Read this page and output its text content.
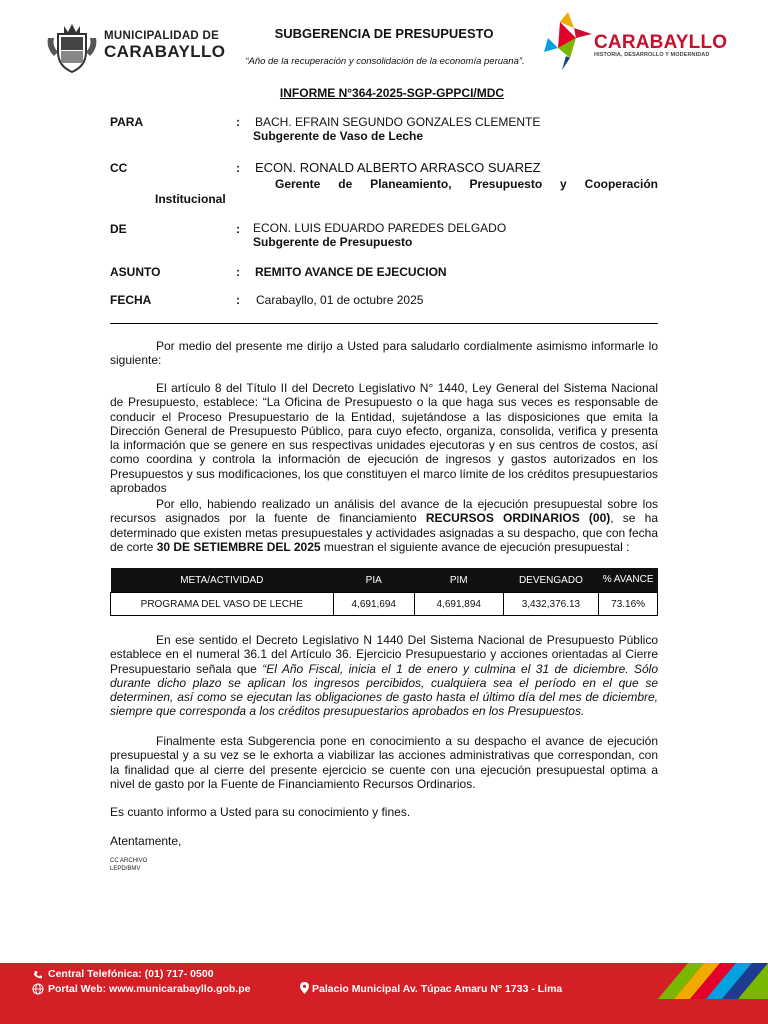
MUNICIPALIDAD DE
CARABAYLLO
SUBGERENCIA DE PRESUPUESTO
“Año de la recuperación y consolidación de la economía peruana”.
CARABAYLLO
HISTORIA, DESARROLLO Y MODERNIDAD
INFORME N°364-2025-SGP-GPPCI/MDC
PARA	: BACH. EFRAIN SEGUNDO GONZALES CLEMENTE
Subgerente de Vaso de Leche
CC	: ECON. RONALD ALBERTO ARRASCO SUAREZ
Gerente de Planeamiento, Presupuesto y Cooperación
Institucional
DE	: ECON. LUIS EDUARDO PAREDES DELGADO
Subgerente de Presupuesto
ASUNTO	: REMITO AVANCE DE EJECUCION
FECHA	: Carabayllo, 01 de octubre 2025
Por medio del presente me dirijo a Usted para saludarlo cordialmente asimismo informarle lo siguiente:
El artículo 8 del Título II del Decreto Legislativo N° 1440, Ley General del Sistema Nacional de Presupuesto, establece: “La Oficina de Presupuesto o la que haga sus veces es responsable de conducir el Proceso Presupuestario de la Entidad, sujetándose a las disposiciones que emita la Dirección General de Presupuesto Público, para cuyo efecto, organiza, consolida, verifica y presenta la información que se genere en sus respectivas unidades ejecutoras y en sus centros de costos, así como coordina y controla la información de ejecución de ingresos y gastos autorizados en los Presupuestos y sus modificaciones, los que constituyen el marco límite de los créditos presupuestarios aprobados
Por ello, habiendo realizado un análisis del avance de la ejecución presupuestal sobre los recursos asignados por la fuente de financiamiento RECURSOS ORDINARIOS (00), se ha determinado que existen metas presupuestales y actividades asignadas a su despacho, que con fecha de corte 30 DE SETIEMBRE DEL 2025 muestran el siguiente avance de ejecución presupuestal :
META/ACTIVIDAD	PIA	PIM	DEVENGADO	% AVANCE
PROGRAMA DEL VASO DE LECHE	4,691,694	4,691,894	3,432,376.13	73.16%
En ese sentido el Decreto Legislativo N 1440 Del Sistema Nacional de Presupuesto Público establece en el numeral 36.1 del Artículo 36. Ejercicio Presupuestario y acciones orientadas al Cierre Presupuestario señala que “El Año Fiscal, inicia el 1 de enero y culmina el 31 de diciembre. Sólo durante dicho plazo se aplican los ingresos percibidos, cualquiera sea el período en el que se determinen, así como se ejecutan las obligaciones de gasto hasta el último día del mes de diciembre, siempre que corresponda a los créditos presupuestarios aprobados en los Presupuestos.
Finalmente esta Subgerencia pone en conocimiento a su despacho el avance de ejecución presupuestal y a su vez se le exhorta a viabilizar las acciones administrativas que correspondan, con la finalidad que al cierre del presente ejercicio se cuente con una ejecución presupuestal optima a nivel de gasto por la Fuente de Financiamiento Recursos Ordinarios.
Es cuanto informo a Usted para su conocimiento y fines.
Atentamente,
CC ARCHIVO
LEPD/BMV
Central Telefónica: (01) 717- 0500
Portal Web: www.municarabayllo.gob.pe	Palacio Municipal Av. Túpac Amaru N° 1733 - Lima
